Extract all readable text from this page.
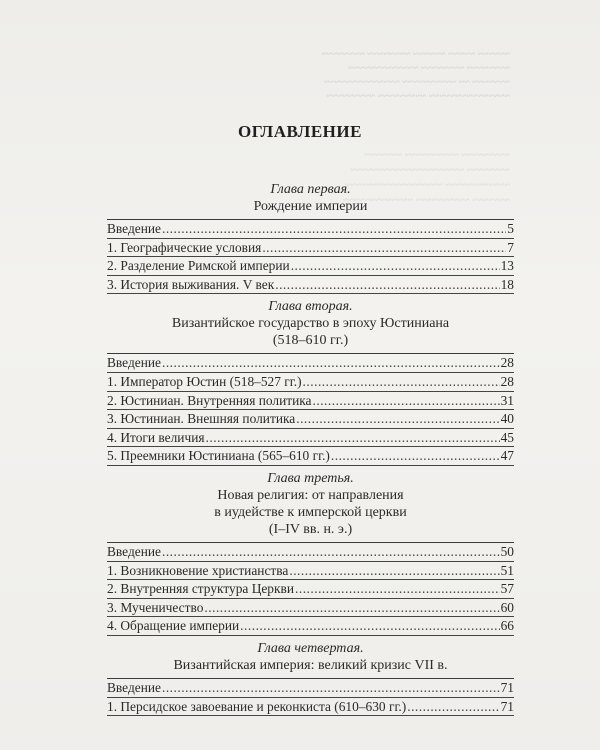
~~~~~~ ~~~~~ ~~~~~~ ~~~~~~~~ ~~~~~~~~
~~~~~~~~ ~~~~~~~~ ~~~~~~~~~~~~~
~~~~~~~ ~~ ~~~~~~~~~~ ~~~~~~~~~~~~~~
~~~~~~~~~~~~~~~ ~~~~~~~~~ ~~~~~~~~~
~~~~~~~~~ ~~~~~~~~~~ ~~~~~~~
~~~~~~~~ ~~~~~~~~~~~~~~~~~~~~~
~~~~~~~~~~~~ ~~~~~~~~~~~~~~~~~~
~~~~~~~ ~~~~~~~~~~ ~~~~~~~~~~~~~
ОГЛАВЛЕНИЕ
Глава первая.
Рождение империи
Введение .....	5
1. Географические условия .....	7
2. Разделение Римской империи .....	13
3. История выживания. V век .....	18
Глава вторая.
Византийское государство в эпоху Юстиниана
(518–610 гг.)
Введение .....	28
1. Император Юстин (518–527 гг.) .....	28
2. Юстиниан. Внутренняя политика .....	31
3. Юстиниан. Внешняя политика .....	40
4. Итоги величия .....	45
5. Преемники Юстиниана (565–610 гг.) .....	47
Глава третья.
Новая религия: от направления
в иудействе к имперской церкви
(I–IV вв. н. э.)
Введение .....	50
1. Возникновение христианства .....	51
2. Внутренняя структура Церкви .....	57
3. Мученичество .....	60
4. Обращение империи .....	66
Глава четвертая.
Византийская империя: великий кризис VII в.
Введение .....	71
1. Персидское завоевание и реконкиста (610–630 гг.) .....	71
